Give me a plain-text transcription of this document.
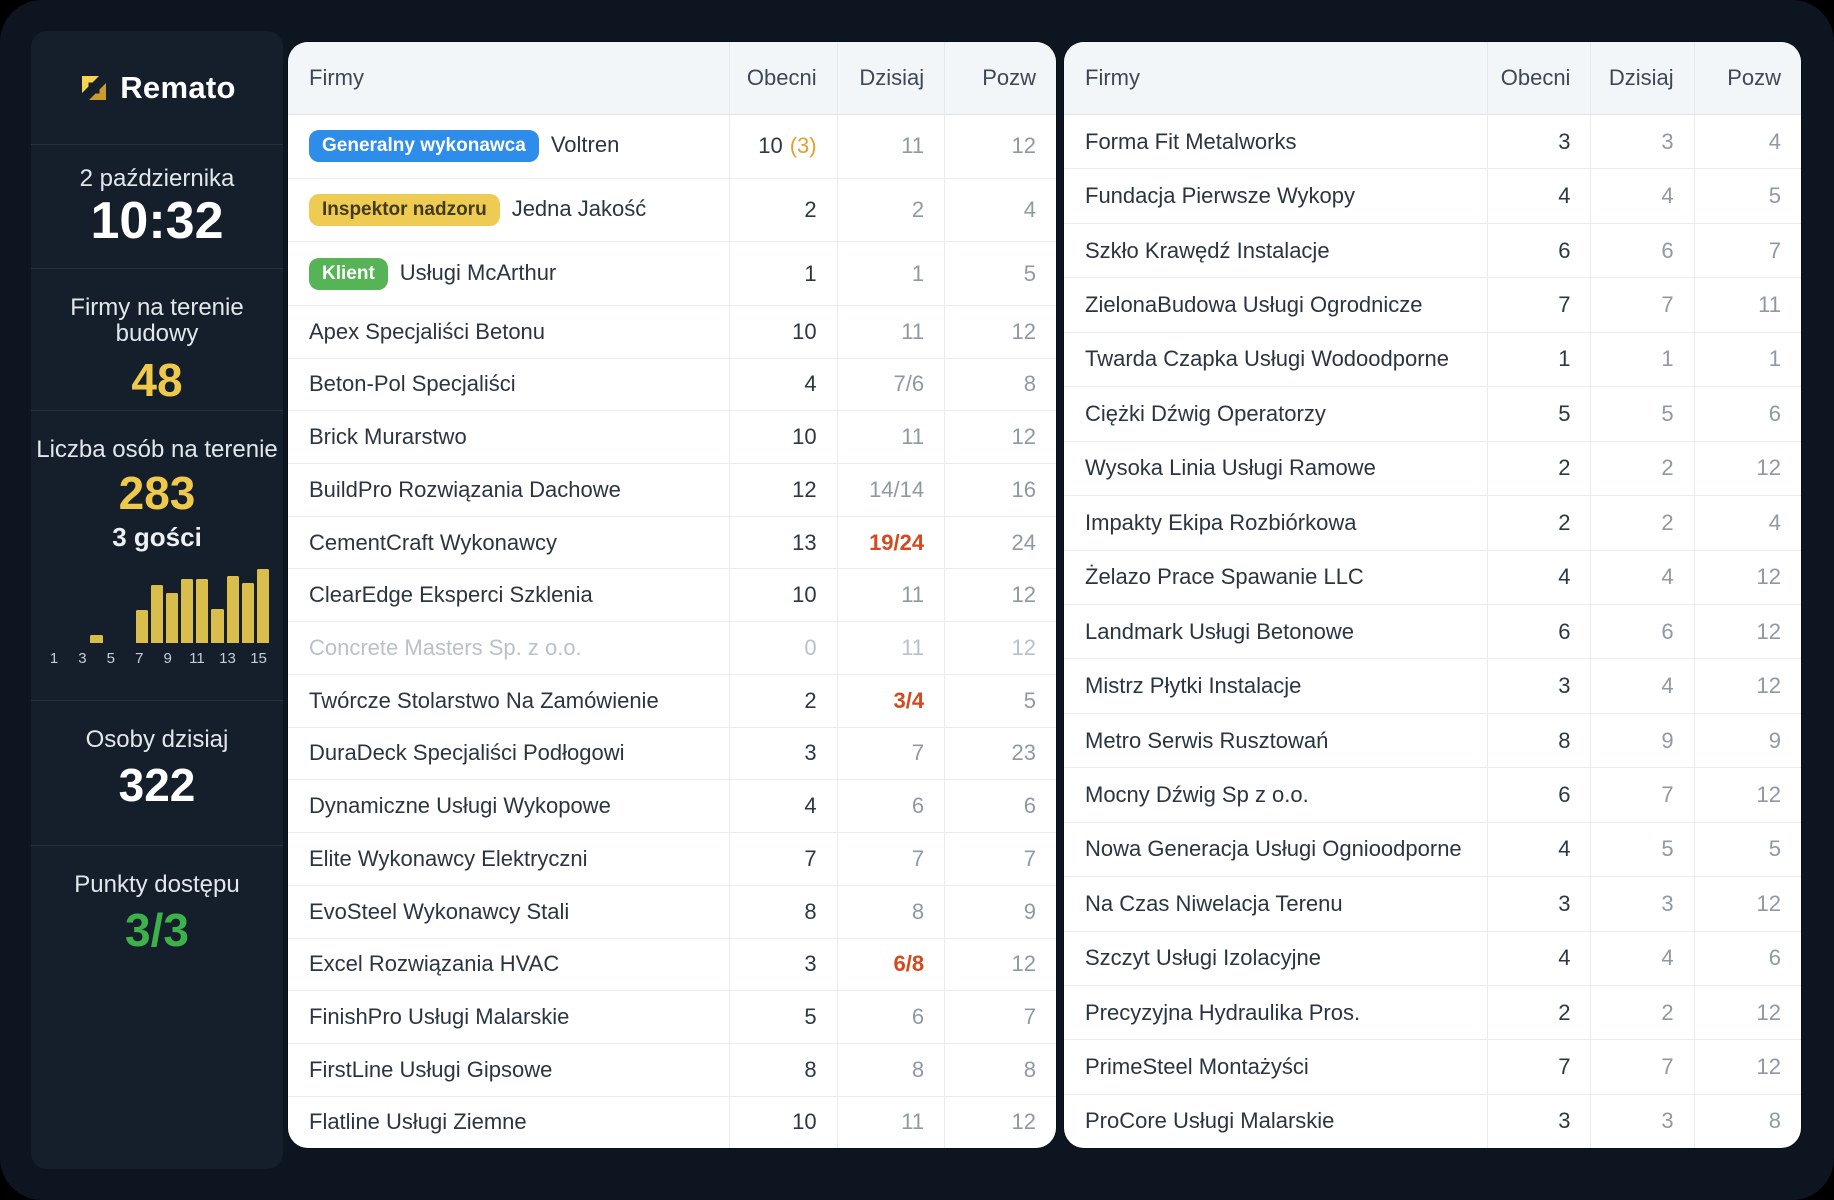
Remato
2 października
10:32
Firmy na terenie budowy
48
Liczba osób na terenie
283
3 gości
1 3 5 7 9 11 13 15
Osoby dzisiaj
322
Punkty dostępu
3/3
Firmy	Obecni	Dzisiaj	Pozw
Generalny wykonawca Voltren	10 (3)	11	12
Inspektor nadzoru Jedna Jakość	2	2	4
Klient Usługi McArthur	1	1	5
Apex Specjaliści Betonu	10	11	12
Beton-Pol Specjaliści	4	7/6	8
Brick Murarstwo	10	11	12
BuildPro Rozwiązania Dachowe	12	14/14	16
CementCraft Wykonawcy	13	19/24	24
ClearEdge Eksperci Szklenia	10	11	12
Concrete Masters Sp. z o.o.	0	11	12
Twórcze Stolarstwo Na Zamówienie	2	3/4	5
DuraDeck Specjaliści Podłogowi	3	7	23
Dynamiczne Usługi Wykopowe	4	6	6
Elite Wykonawcy Elektryczni	7	7	7
EvoSteel Wykonawcy Stali	8	8	9
Excel Rozwiązania HVAC	3	6/8	12
FinishPro Usługi Malarskie	5	6	7
FirstLine Usługi Gipsowe	8	8	8
Flatline Usługi Ziemne	10	11	12
Firmy	Obecni	Dzisiaj	Pozw
Forma Fit Metalworks	3	3	4
Fundacja Pierwsze Wykopy	4	4	5
Szkło Krawędź Instalacje	6	6	7
ZielonaBudowa Usługi Ogrodnicze	7	7	11
Twarda Czapka Usługi Wodoodporne	1	1	1
Ciężki Dźwig Operatorzy	5	5	6
Wysoka Linia Usługi Ramowe	2	2	12
Impakty Ekipa Rozbiórkowa	2	2	4
Żelazo Prace Spawanie LLC	4	4	12
Landmark Usługi Betonowe	6	6	12
Mistrz Płytki Instalacje	3	4	12
Metro Serwis Rusztowań	8	9	9
Mocny Dźwig Sp z o.o.	6	7	12
Nowa Generacja Usługi Ognioodporne	4	5	5
Na Czas Niwelacja Terenu	3	3	12
Szczyt Usługi Izolacyjne	4	4	6
Precyzyjna Hydraulika Pros.	2	2	12
PrimeSteel Montażyści	7	7	12
ProCore Usługi Malarskie	3	3	8
